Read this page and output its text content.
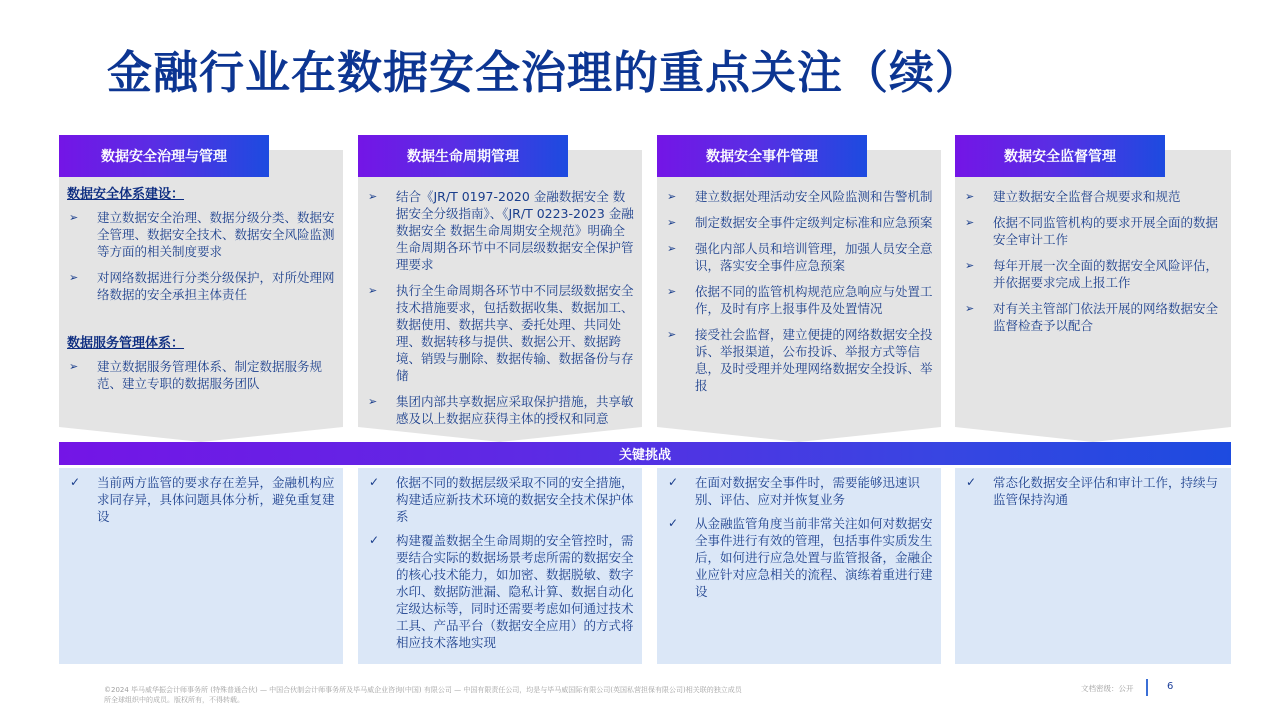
金融行业在数据安全治理的重点关注（续）
数据安全治理与管理
数据安全体系建设：
➢	建立数据安全治理、数据分级分类、数据安全管理、数据安全技术、数据安全风险监测等方面的相关制度要求
➢	对网络数据进行分类分级保护，对所处理网络数据的安全承担主体责任
数据服务管理体系：
➢	建立数据服务管理体系、制定数据服务规范、建立专职的数据服务团队
数据生命周期管理
➢	结合《JR/T 0197-2020 金融数据安全 数据安全分级指南》、《JR/T 0223-2023 金融数据安全 数据生命周期安全规范》明确全生命周期各环节中不同层级数据安全保护管理要求
➢	执行全生命周期各环节中不同层级数据安全技术措施要求，包括数据收集、数据加工、数据使用、数据共享、委托处理、共同处理、数据转移与提供、数据公开、数据跨境、销毁与删除、数据传输、数据备份与存储
➢	集团内部共享数据应采取保护措施，共享敏感及以上数据应获得主体的授权和同意
数据安全事件管理
➢	建立数据处理活动安全风险监测和告警机制
➢	制定数据安全事件定级判定标准和应急预案
➢	强化内部人员和培训管理，加强人员安全意识，落实安全事件应急预案
➢	依据不同的监管机构规范应急响应与处置工作，及时有序上报事件及处置情况
➢	接受社会监督，建立便捷的网络数据安全投诉、举报渠道，公布投诉、举报方式等信息，及时受理并处理网络数据安全投诉、举报
数据安全监督管理
➢	建立数据安全监督合规要求和规范
➢	依据不同监管机构的要求开展全面的数据安全审计工作
➢	每年开展一次全面的数据安全风险评估，并依据要求完成上报工作
➢	对有关主管部门依法开展的网络数据安全监督检查予以配合
关键挑战
✓	当前两方监管的要求存在差异，金融机构应求同存异，具体问题具体分析，避免重复建设
✓	依据不同的数据层级采取不同的安全措施，构建适应新技术环境的数据安全技术保护体系
✓	构建覆盖数据全生命周期的安全管控时，需要结合实际的数据场景考虑所需的数据安全的核心技术能力，如加密、数据脱敏、数字水印、数据防泄漏、隐私计算、数据自动化定级达标等，同时还需要考虑如何通过技术工具、产品平台（数据安全应用）的方式将相应技术落地实现
✓	在面对数据安全事件时，需要能够迅速识别、评估、应对并恢复业务
✓	从金融监管角度当前非常关注如何对数据安全事件进行有效的管理，包括事件实质发生后，如何进行应急处置与监管报备，金融企业应针对应急相关的流程、演练着重进行建设
✓	常态化数据安全评估和审计工作，持续与监管保持沟通
©2024 毕马威华振会计师事务所 (特殊普通合伙) — 中国合伙制会计师事务所及毕马威企业咨询(中国) 有限公司 — 中国有限责任公司，均是与毕马威国际有限公司(英国私营担保有限公司)相关联的独立成员所全球组织中的成员。版权所有，不得转载。
文档密级：公开	6
